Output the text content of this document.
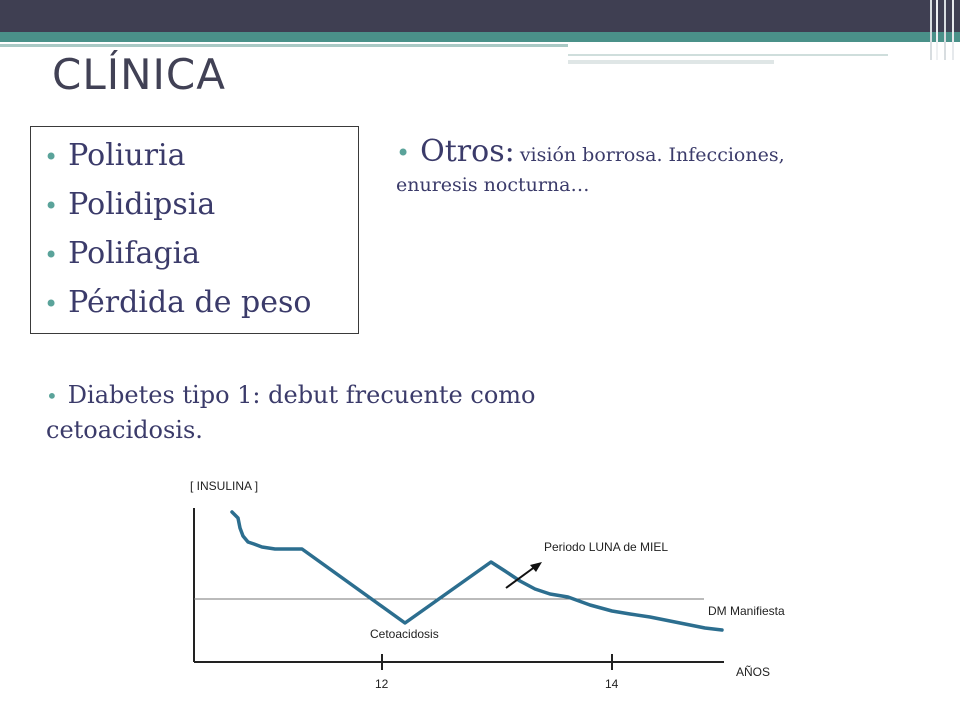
CLÍNICA
• Poliuria
• Polidipsia
• Polifagia
• Pérdida de peso
• Otros: visión borrosa. Infecciones, enuresis nocturna…
• Diabetes tipo 1: debut frecuente como cetoacidosis.
[ INSULINA ]
12	14
AÑOS
Periodo LUNA de MIEL
Cetoacidosis
DM Manifiesta
